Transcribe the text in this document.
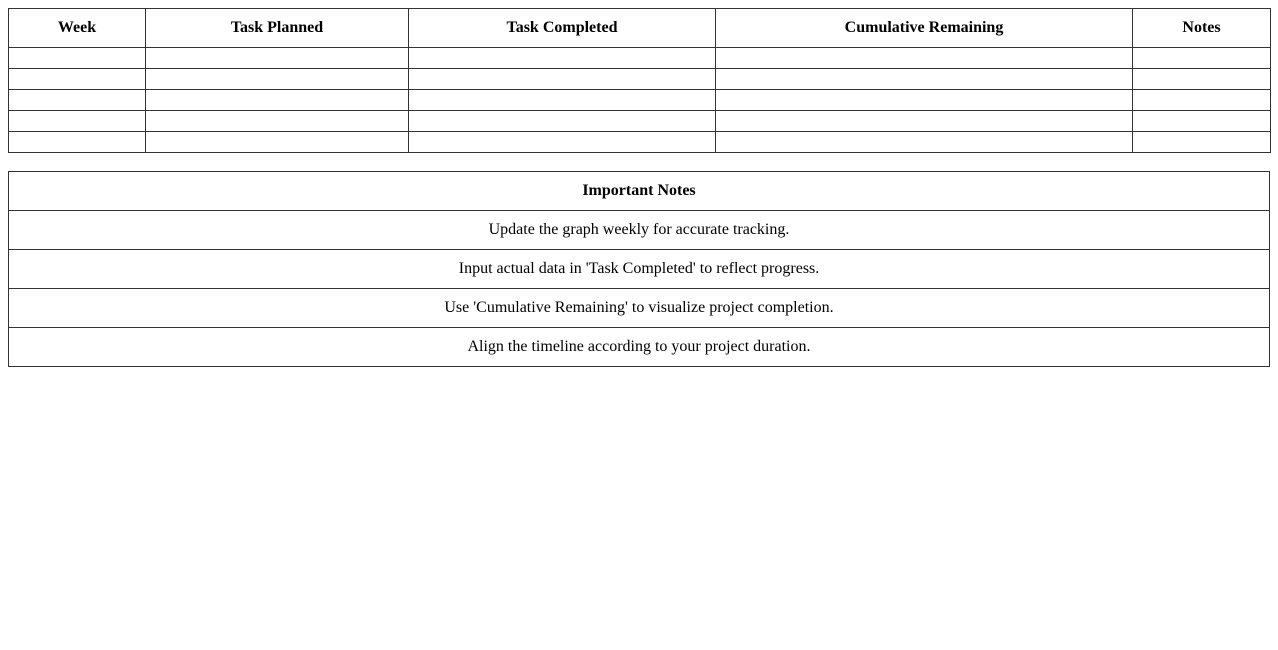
Week	Task Planned	Task Completed	Cumulative Remaining	Notes

Important Notes
Update the graph weekly for accurate tracking.
Input actual data in 'Task Completed' to reflect progress.
Use 'Cumulative Remaining' to visualize project completion.
Align the timeline according to your project duration.
